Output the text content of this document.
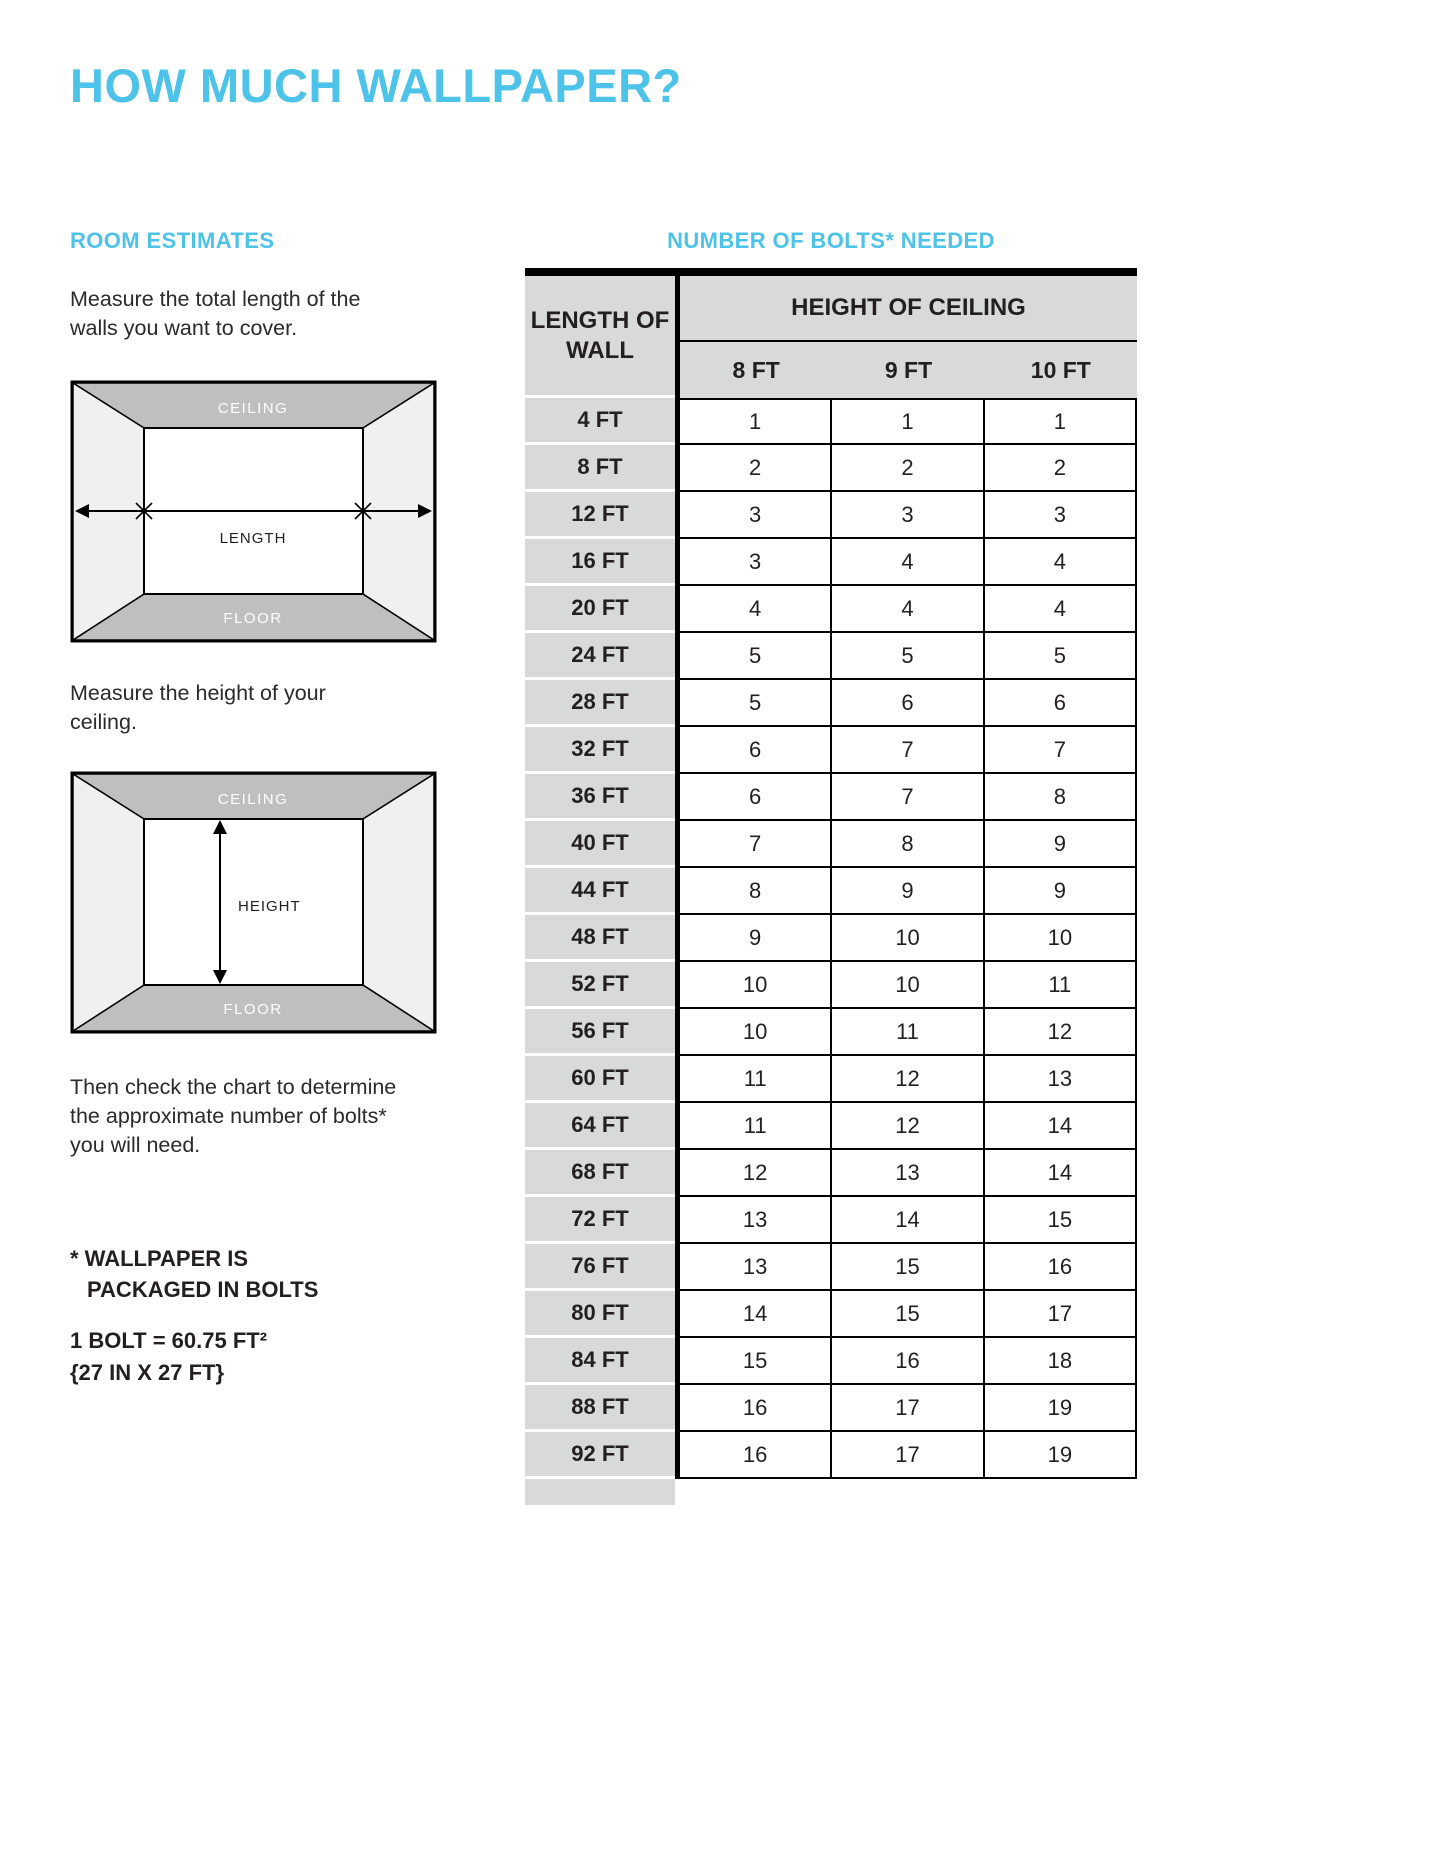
HOW MUCH WALLPAPER?
ROOM ESTIMATES
Measure the total length of the walls you want to cover.
CEILING
FLOOR
LENGTH
Measure the height of your ceiling.
CEILING
FLOOR
HEIGHT
Then check the chart to determine the approximate number of bolts* you will need.
* WALLPAPER IS
PACKAGED IN BOLTS
1 BOLT = 60.75 FT²
{27 IN X 27 FT}
NUMBER OF BOLTS* NEEDED
LENGTH OF WALL
HEIGHT OF CEILING
8 FT	9 FT	10 FT
4 FT	1	1	1
8 FT	2	2	2
12 FT	3	3	3
16 FT	3	4	4
20 FT	4	4	4
24 FT	5	5	5
28 FT	5	6	6
32 FT	6	7	7
36 FT	6	7	8
40 FT	7	8	9
44 FT	8	9	9
48 FT	9	10	10
52 FT	10	10	11
56 FT	10	11	12
60 FT	11	12	13
64 FT	11	12	14
68 FT	12	13	14
72 FT	13	14	15
76 FT	13	15	16
80 FT	14	15	17
84 FT	15	16	18
88 FT	16	17	19
92 FT	16	17	19
